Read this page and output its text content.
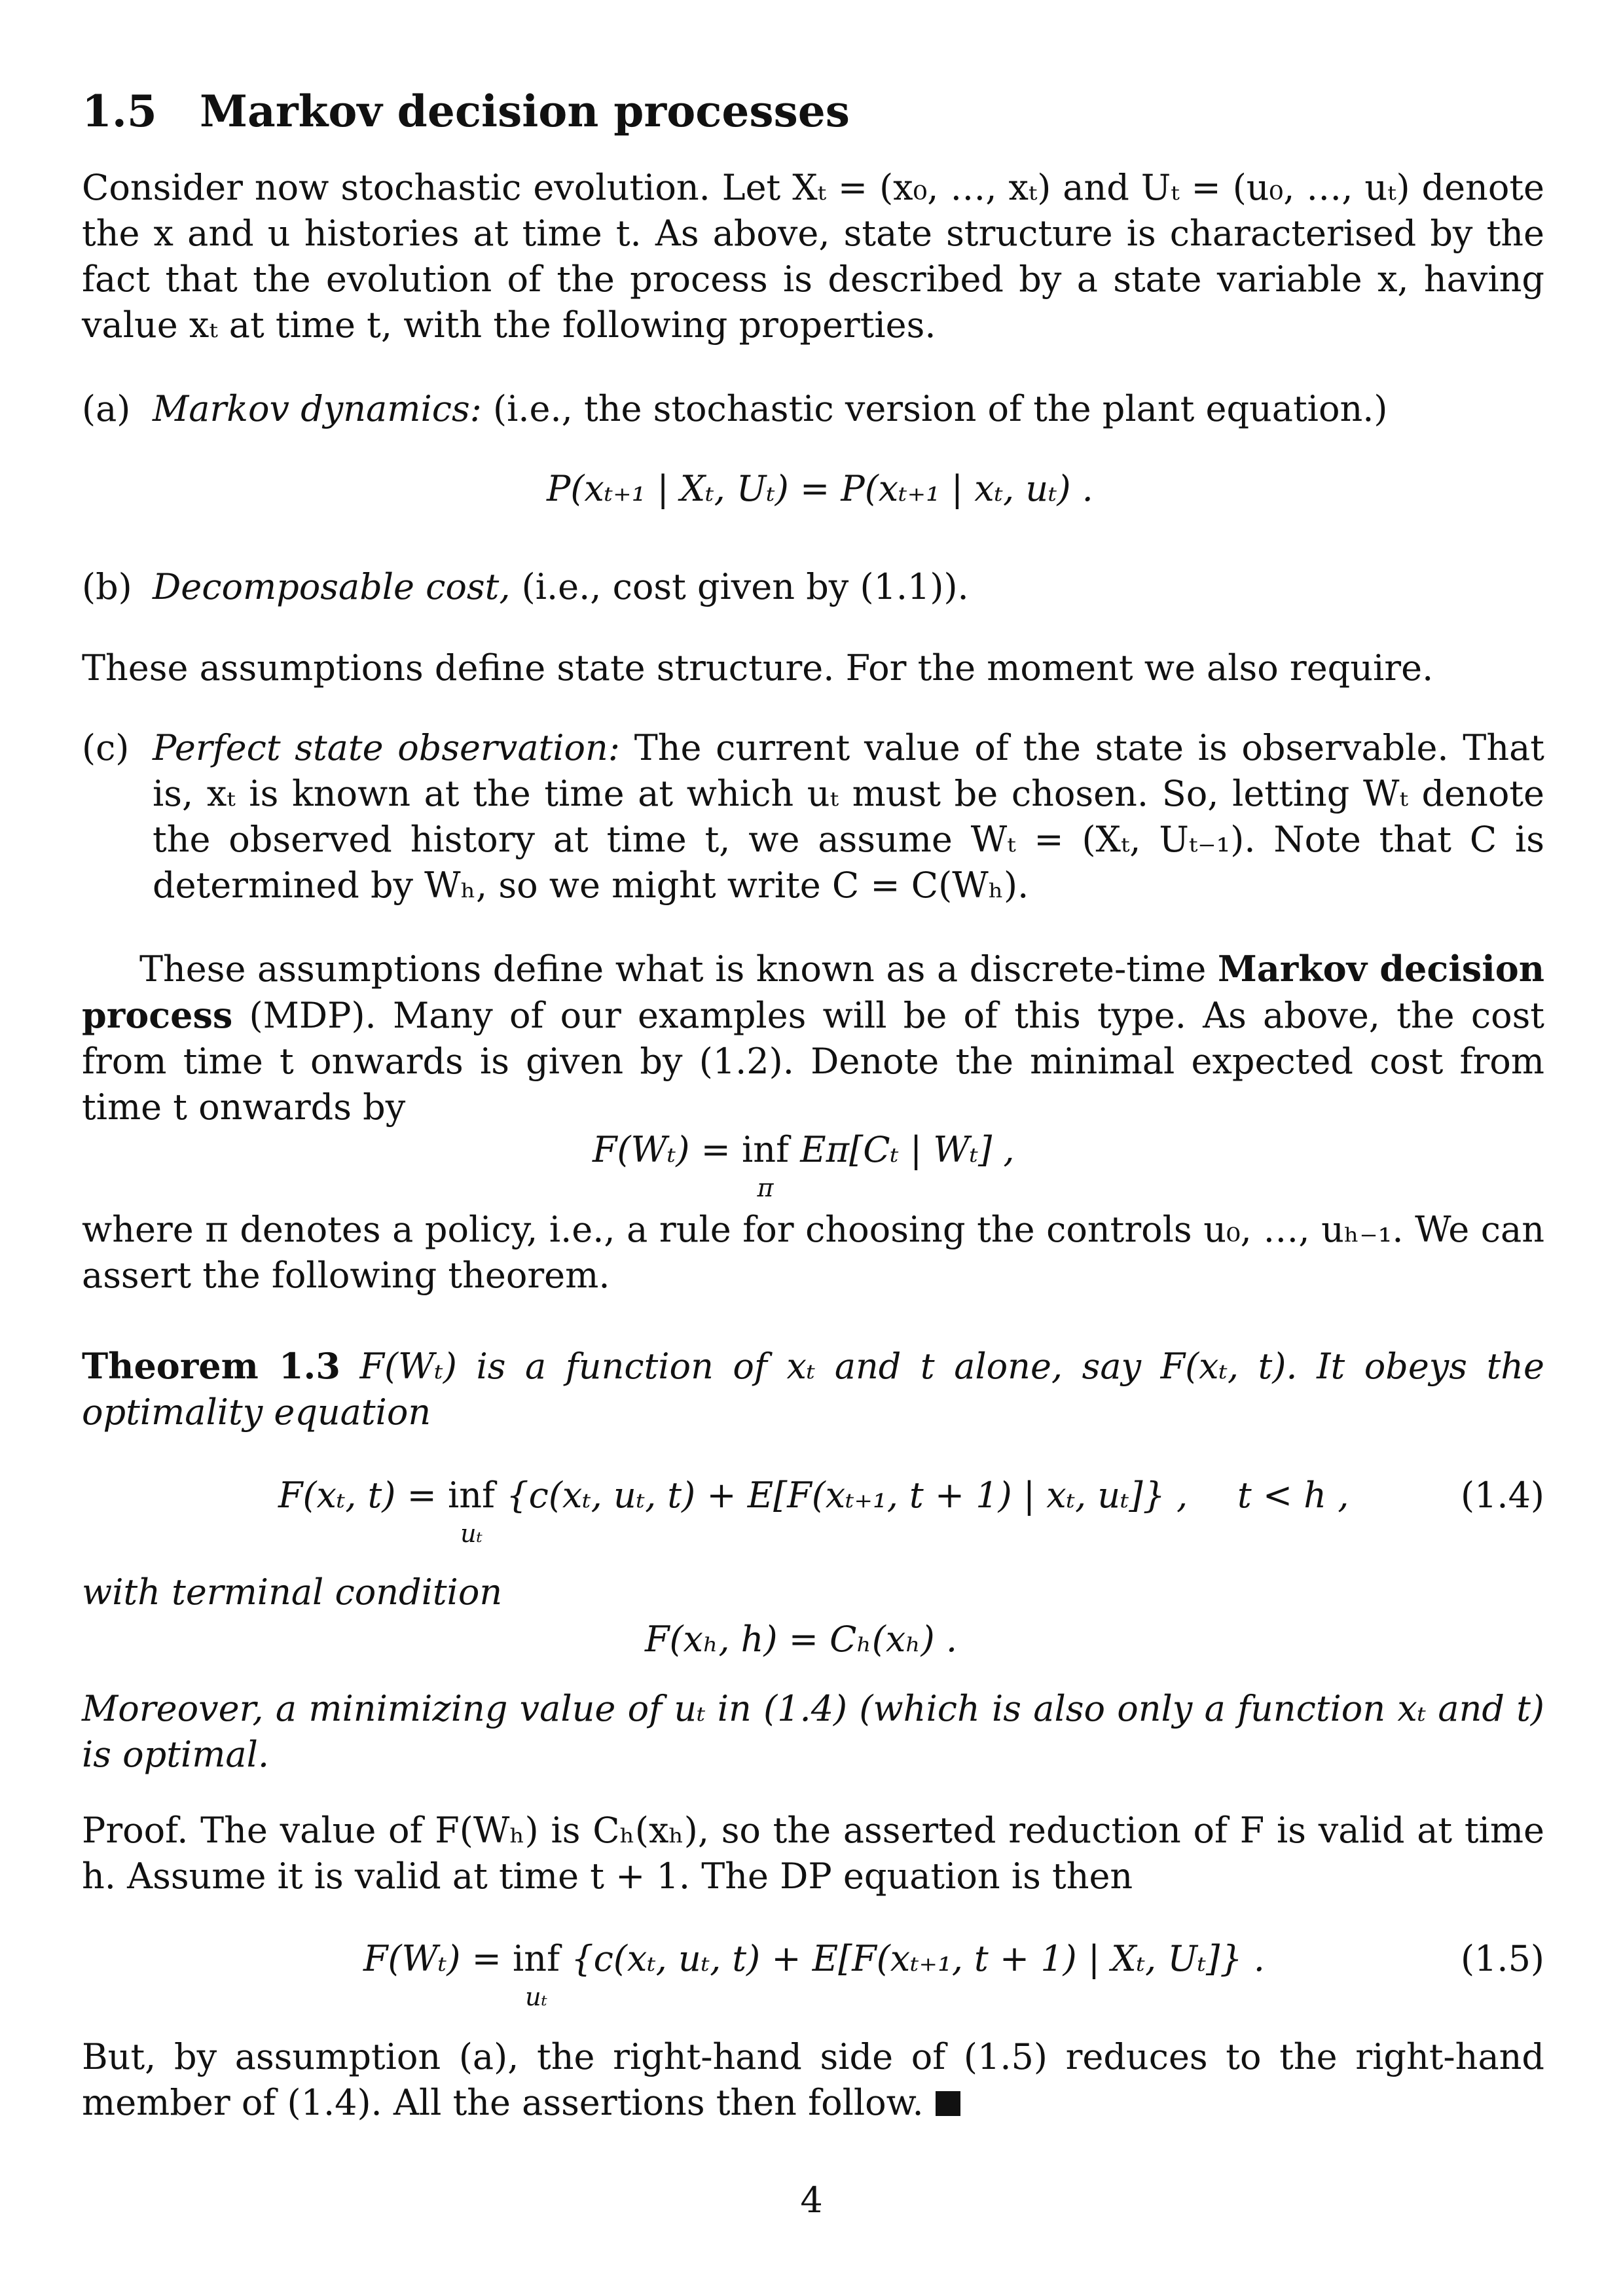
1.5 Markov decision processes
Consider now stochastic evolution. Let Xₜ = (x₀, …, xₜ) and Uₜ = (u₀, …, uₜ) denote the x and u histories at time t. As above, state structure is characterised by the fact that the evolution of the process is described by a state variable x, having value xₜ at time t, with the following properties.
(a) Markov dynamics: (i.e., the stochastic version of the plant equation.)
P(xₜ₊₁ | Xₜ, Uₜ) = P(xₜ₊₁ | xₜ, uₜ) .
(b) Decomposable cost, (i.e., cost given by (1.1)).
These assumptions define state structure. For the moment we also require.
(c) Perfect state observation: The current value of the state is observable. That is, xₜ is known at the time at which uₜ must be chosen. So, letting Wₜ denote the observed history at time t, we assume Wₜ = (Xₜ, Uₜ₋₁). Note that C is determined by Wₕ, so we might write C = C(Wₕ).
These assumptions define what is known as a discrete-time Markov decision process (MDP). Many of our examples will be of this type. As above, the cost from time t onwards is given by (1.2). Denote the minimal expected cost from time t onwards by
F(Wₜ) = inf
π
Eπ[Cₜ | Wₜ] ,
where π denotes a policy, i.e., a rule for choosing the controls u₀, …, uₕ₋₁. We can assert the following theorem.
Theorem 1.3 F(Wₜ) is a function of xₜ and t alone, say F(xₜ, t). It obeys the optimality equation
F(xₜ, t) = inf
uₜ
{c(xₜ, uₜ, t) + E[F(xₜ₊₁, t + 1) | xₜ, uₜ]} , t < h ,	(1.4)
with terminal condition
F(xₕ, h) = Cₕ(xₕ) .
Moreover, a minimizing value of uₜ in (1.4) (which is also only a function xₜ and t) is optimal.
Proof. The value of F(Wₕ) is Cₕ(xₕ), so the asserted reduction of F is valid at time h. Assume it is valid at time t + 1. The DP equation is then
F(Wₜ) = inf
uₜ
{c(xₜ, uₜ, t) + E[F(xₜ₊₁, t + 1) | Xₜ, Uₜ]} .	(1.5)
But, by assumption (a), the right-hand side of (1.5) reduces to the right-hand member of (1.4). All the assertions then follow.
4
